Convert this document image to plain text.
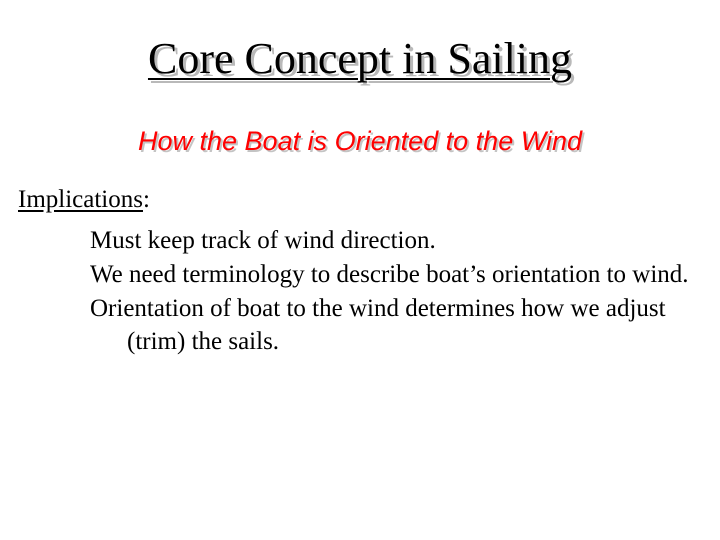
Core Concept in Sailing
How the Boat is Oriented to the Wind

Implications:

Must keep track of wind direction.
We need terminology to describe boat’s orientation to wind.
Orientation of boat to the wind determines how we adjust (trim) the sails.
